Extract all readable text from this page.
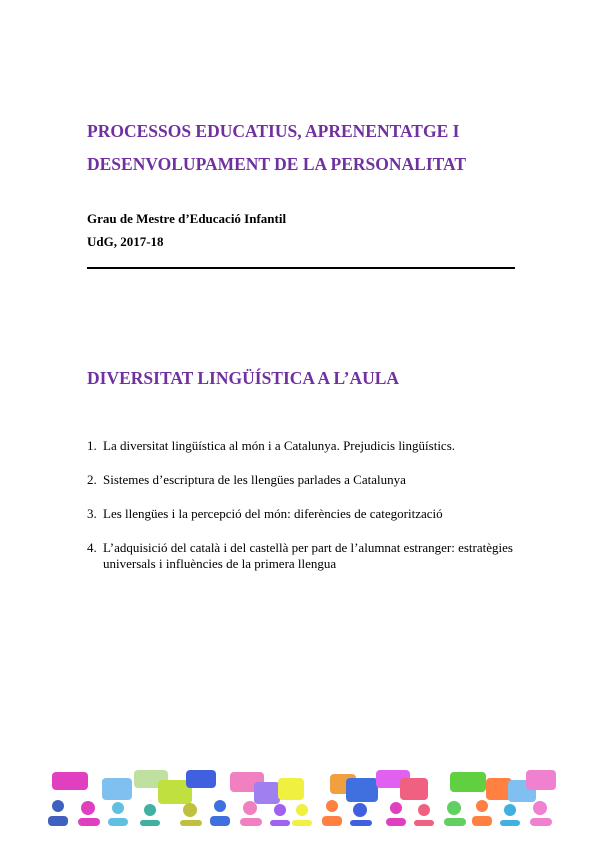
PROCESSOS EDUCATIUS, APRENENTATGE I
DESENVOLUPAMENT DE LA PERSONALITAT

Grau de Mestre d’Educació Infantil

UdG, 2017-18

DIVERSITAT LINGÜÍSTICA A L’AULA
1. La diversitat lingüística al món i a Catalunya. Prejudicis lingüístics.
2. Sistemes d’escriptura de les llengües parlades a Catalunya
3. Les llengües i la percepció del món: diferències de categorització
4. L’adquisició del català i del castellà per part de l’alumnat estranger: estratègies universals i influències de la primera llengua
